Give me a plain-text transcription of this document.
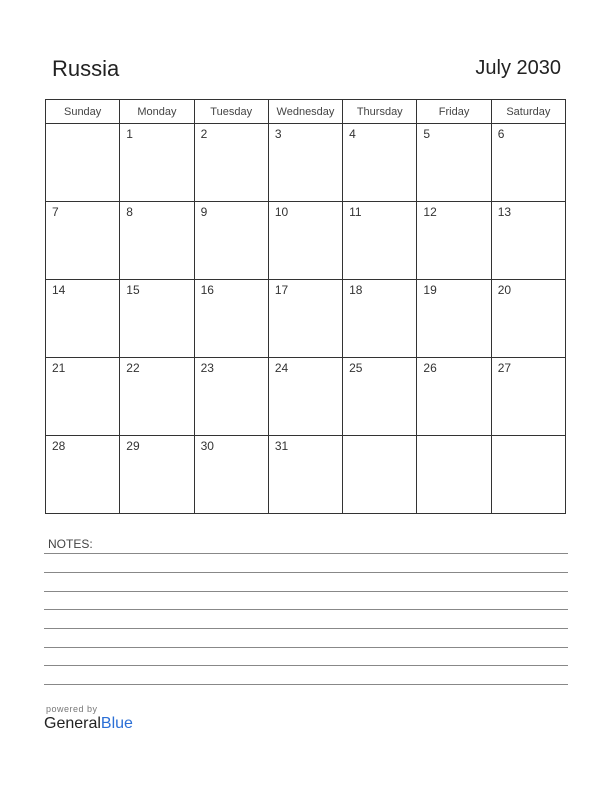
Russia	July 2030
Sunday	Monday	Tuesday	Wednesday	Thursday	Friday	Saturday

	1	2	3	4	5	6

7	8	9	10	11	12	13

14	15	16	17	18	19	20

21	22	23	24	25	26	27

28	29	30	31			

NOTES:
powered by
GeneralBlue
